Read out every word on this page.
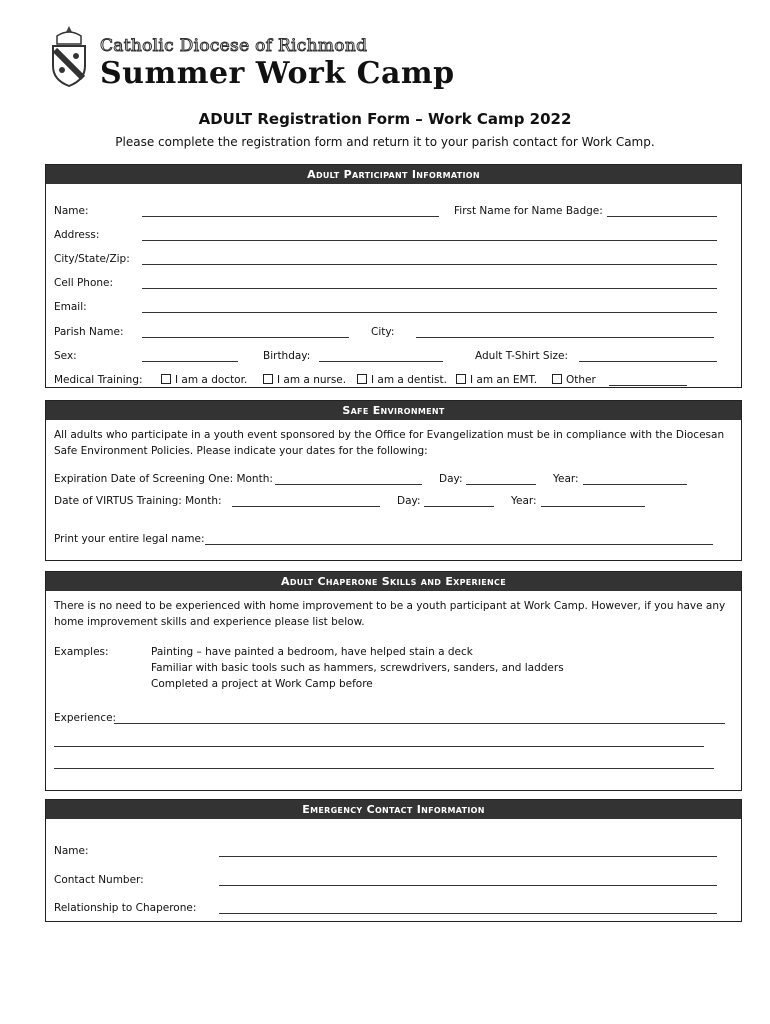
Catholic Diocese of Richmond
Summer Work Camp
ADULT Registration Form – Work Camp 2022
Please complete the registration form and return it to your parish contact for Work Camp.
Adult Participant Information
Name:	First Name for Name Badge:
Address:
City/State/Zip:
Cell Phone:
Email:
Parish Name:	City:
Sex:	Birthday:	Adult T-Shirt Size:
Medical Training:	I am a doctor.	I am a nurse.	I am a dentist.	I am an EMT.	Other
Safe Environment
All adults who participate in a youth event sponsored by the Office for Evangelization must be in compliance with the Diocesan Safe Environment Policies. Please indicate your dates for the following:
Expiration Date of Screening One: Month:	Day:	Year:
Date of VIRTUS Training: Month:	Day:	Year:
Print your entire legal name:
Adult Chaperone Skills and Experience
There is no need to be experienced with home improvement to be a youth participant at Work Camp. However, if you have any home improvement skills and experience please list below.
Examples:	Painting – have painted a bedroom, have helped stain a deck
Familiar with basic tools such as hammers, screwdrivers, sanders, and ladders
Completed a project at Work Camp before
Experience:
Emergency Contact Information
Name:
Contact Number:
Relationship to Chaperone:
